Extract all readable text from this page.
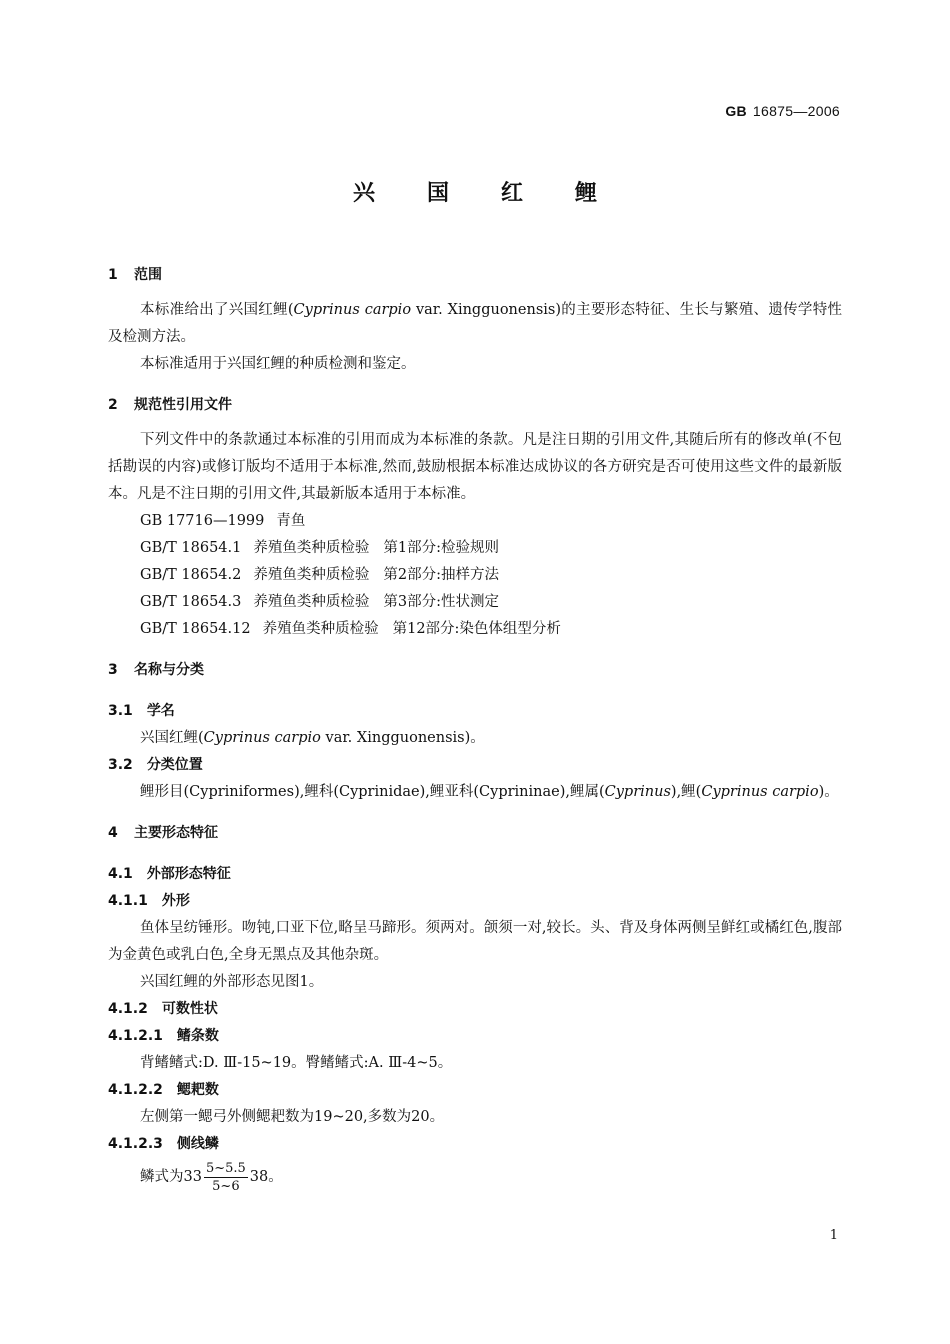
GB 16875—2006
兴国红鲤

1 范围

本标准给出了兴国红鲤(Cyprinus carpio var. Xingguonensis)的主要形态特征、生长与繁殖、遗传学特性及检测方法。

本标准适用于兴国红鲤的种质检测和鉴定。

2 规范性引用文件

下列文件中的条款通过本标准的引用而成为本标准的条款。凡是注日期的引用文件,其随后所有的修改单(不包括勘误的内容)或修订版均不适用于本标准,然而,鼓励根据本标准达成协议的各方研究是否可使用这些文件的最新版本。凡是不注日期的引用文件,其最新版本适用于本标准。

GB 17716—1999 青鱼

GB/T 18654.1 养殖鱼类种质检验 第1部分:检验规则

GB/T 18654.2 养殖鱼类种质检验 第2部分:抽样方法

GB/T 18654.3 养殖鱼类种质检验 第3部分:性状测定

GB/T 18654.12 养殖鱼类种质检验 第12部分:染色体组型分析

3 名称与分类

3.1 学名

兴国红鲤(Cyprinus carpio var. Xingguonensis)。

3.2 分类位置

鲤形目(Cypriniformes),鲤科(Cyprinidae),鲤亚科(Cyprininae),鲤属(Cyprinus),鲤(Cyprinus carpio)。

4 主要形态特征

4.1 外部形态特征

4.1.1 外形

鱼体呈纺锤形。吻钝,口亚下位,略呈马蹄形。须两对。颌须一对,较长。头、背及身体两侧呈鲜红或橘红色,腹部为金黄色或乳白色,全身无黑点及其他杂斑。

兴国红鲤的外部形态见图1。

4.1.2 可数性状

4.1.2.1 鳍条数

背鳍鳍式:D. Ⅲ-15~19。臀鳍鳍式:A. Ⅲ-4~5。

4.1.2.2 鳃耙数

左侧第一鳃弓外侧鳃耙数为19~20,多数为20。

4.1.2.3 侧线鳞

鳞式为$33 \frac{5\sim 5.5}{5\sim 6} 38$。

1
